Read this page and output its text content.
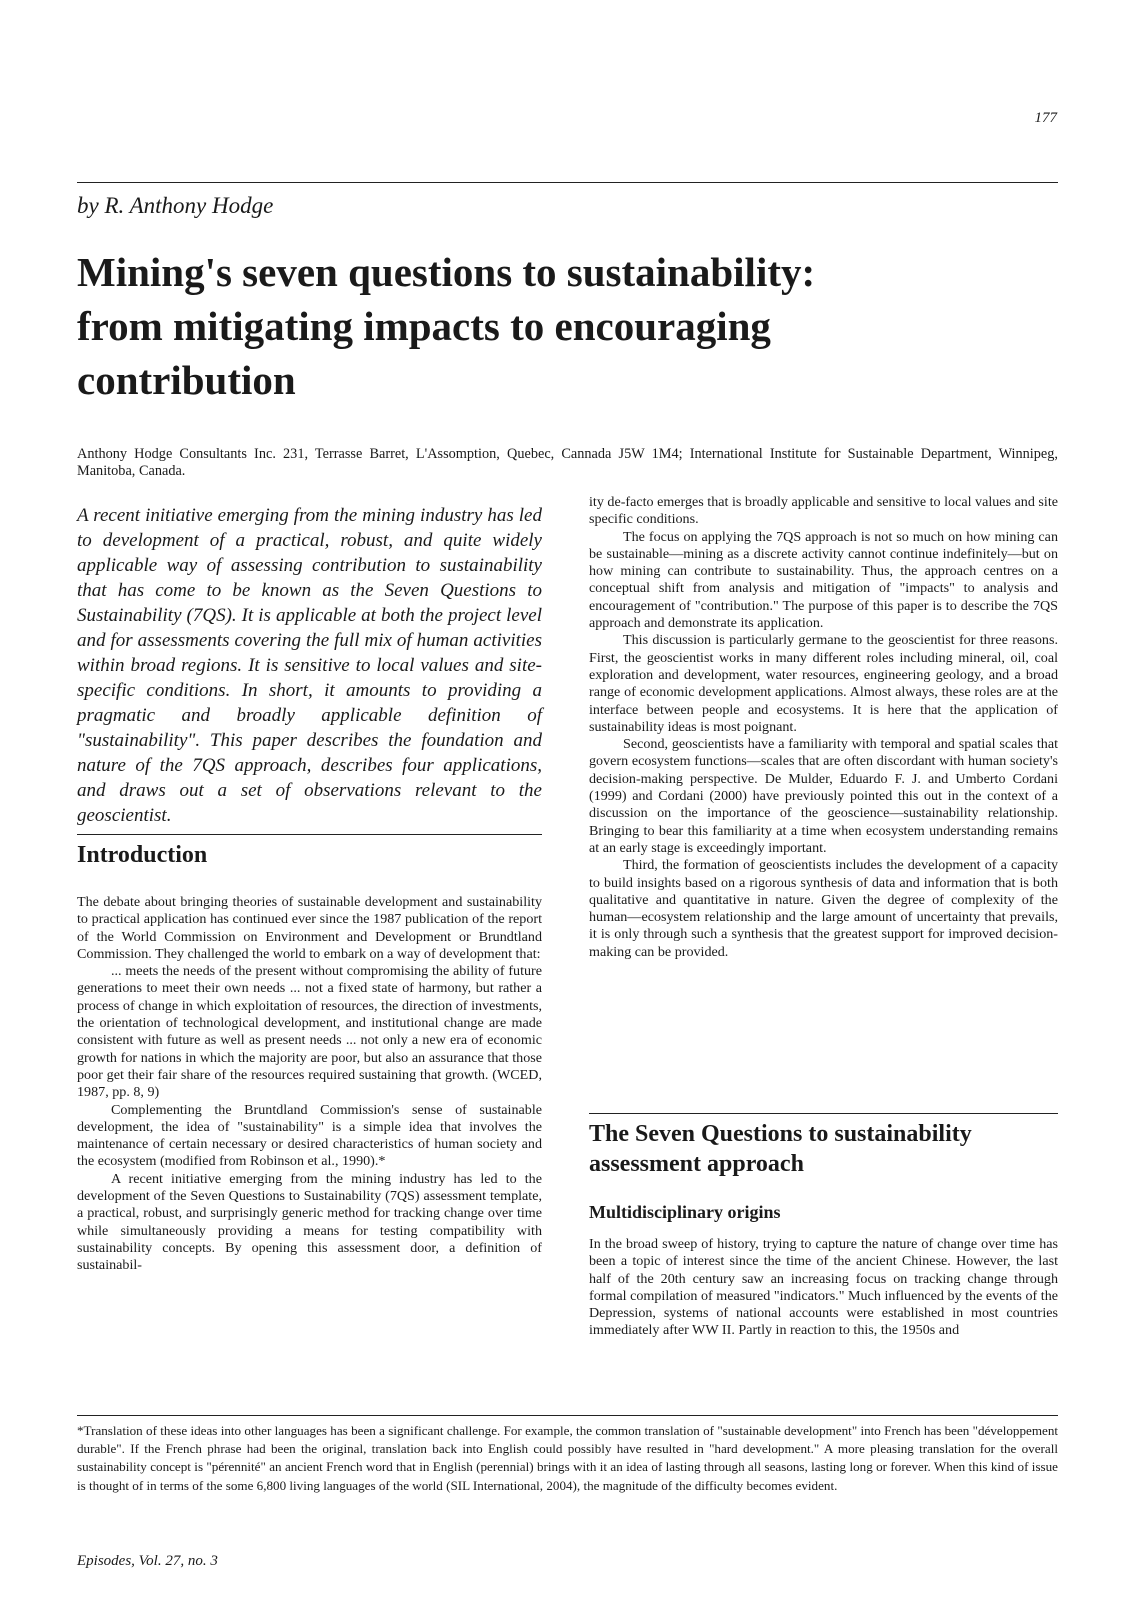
177
by R. Anthony Hodge
Mining's seven questions to sustainability:
from mitigating impacts to encouraging
contribution

Anthony Hodge Consultants Inc. 231, Terrasse Barret, L'Assomption, Quebec, Cannada J5W 1M4; International Institute for Sustainable Department, Winnipeg, Manitoba, Canada.

A recent initiative emerging from the mining industry has led to development of a practical, robust, and quite widely applicable way of assessing contribution to sustainability that has come to be known as the Seven Questions to Sustainability (7QS). It is applicable at both the project level and for assessments covering the full mix of human activities within broad regions. It is sensitive to local values and site-specific conditions. In short, it amounts to providing a pragmatic and broadly applicable definition of "sustainability". This paper describes the foundation and nature of the 7QS approach, describes four applications, and draws out a set of observations relevant to the geoscientist.

Introduction

The debate about bringing theories of sustainable development and sustainability to practical application has continued ever since the 1987 publication of the report of the World Commission on Environment and Development or Brundtland Commission. They challenged the world to embark on a way of development that:

... meets the needs of the present without compromising the ability of future generations to meet their own needs ... not a fixed state of harmony, but rather a process of change in which exploitation of resources, the direction of investments, the orientation of technological development, and institutional change are made consistent with future as well as present needs ... not only a new era of economic growth for nations in which the majority are poor, but also an assurance that those poor get their fair share of the resources required sustaining that growth. (WCED, 1987, pp. 8, 9)

Complementing the Bruntdland Commission's sense of sustainable development, the idea of "sustainability" is a simple idea that involves the maintenance of certain necessary or desired characteristics of human society and the ecosystem (modified from Robinson et al., 1990).*

A recent initiative emerging from the mining industry has led to the development of the Seven Questions to Sustainability (7QS) assessment template, a practical, robust, and surprisingly generic method for tracking change over time while simultaneously providing a means for testing compatibility with sustainability concepts. By opening this assessment door, a definition of sustainabil-

ity de-facto emerges that is broadly applicable and sensitive to local values and site specific conditions.

The focus on applying the 7QS approach is not so much on how mining can be sustainable—mining as a discrete activity cannot continue indefinitely—but on how mining can contribute to sustainability. Thus, the approach centres on a conceptual shift from analysis and mitigation of "impacts" to analysis and encouragement of "contribution." The purpose of this paper is to describe the 7QS approach and demonstrate its application.

This discussion is particularly germane to the geoscientist for three reasons. First, the geoscientist works in many different roles including mineral, oil, coal exploration and development, water resources, engineering geology, and a broad range of economic development applications. Almost always, these roles are at the interface between people and ecosystems. It is here that the application of sustainability ideas is most poignant.

Second, geoscientists have a familiarity with temporal and spatial scales that govern ecosystem functions—scales that are often discordant with human society's decision-making perspective. De Mulder, Eduardo F. J. and Umberto Cordani (1999) and Cordani (2000) have previously pointed this out in the context of a discussion on the importance of the geoscience—sustainability relationship. Bringing to bear this familiarity at a time when ecosystem understanding remains at an early stage is exceedingly important.

Third, the formation of geoscientists includes the development of a capacity to build insights based on a rigorous synthesis of data and information that is both qualitative and quantitative in nature. Given the degree of complexity of the human—ecosystem relationship and the large amount of uncertainty that prevails, it is only through such a synthesis that the greatest support for improved decision-making can be provided.

The Seven Questions to sustainability assessment approach
Multidisciplinary origins

In the broad sweep of history, trying to capture the nature of change over time has been a topic of interest since the time of the ancient Chinese. However, the last half of the 20th century saw an increasing focus on tracking change through formal compilation of measured "indicators." Much influenced by the events of the Depression, systems of national accounts were established in most countries immediately after WW II. Partly in reaction to this, the 1950s and

*Translation of these ideas into other languages has been a significant challenge. For example, the common translation of "sustainable development" into French has been "développement durable". If the French phrase had been the original, translation back into English could possibly have resulted in "hard development." A more pleasing translation for the overall sustainability concept is "pérennité" an ancient French word that in English (perennial) brings with it an idea of lasting through all seasons, lasting long or forever. When this kind of issue is thought of in terms of the some 6,800 living languages of the world (SIL International, 2004), the magnitude of the difficulty becomes evident.

Episodes, Vol. 27, no. 3
